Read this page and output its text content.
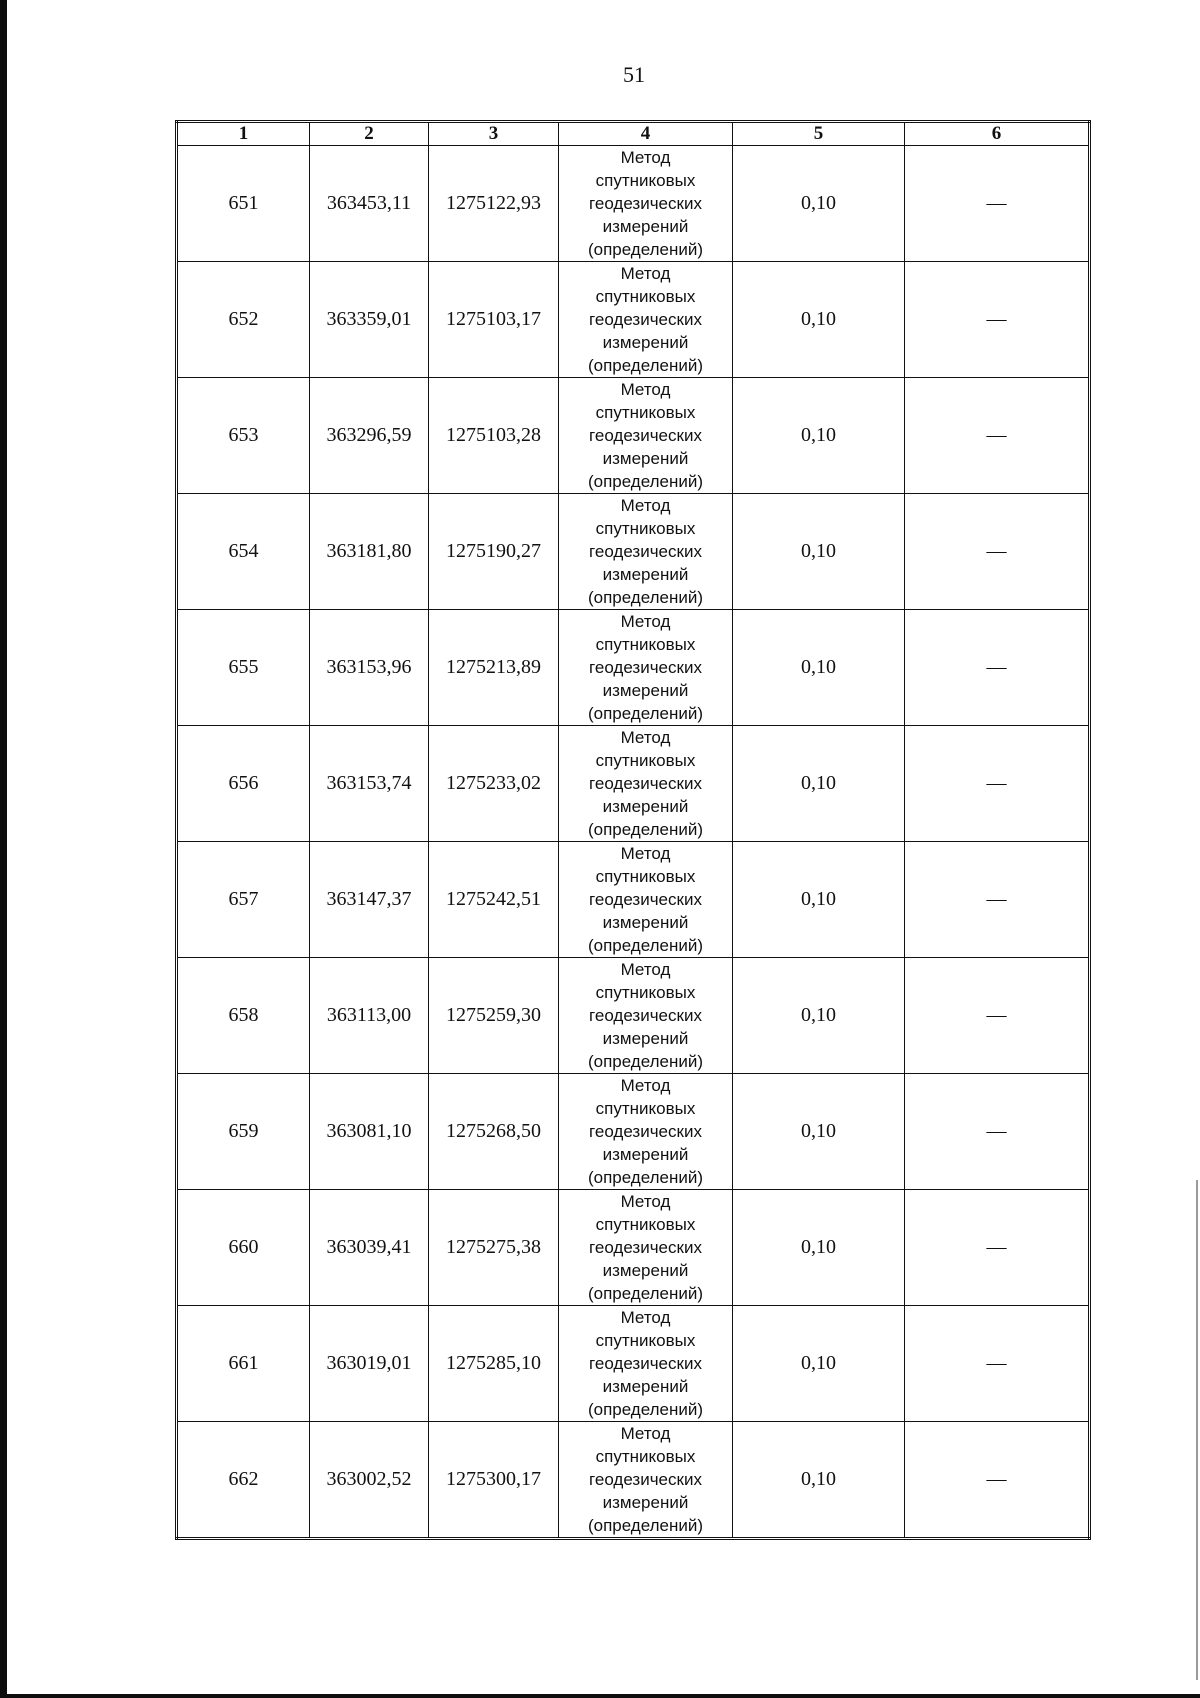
51
1	2	3	4	5	6
651	363453,11	1275122,93	Метод
спутниковых
геодезических
измерений
(определений)	0,10	—
652	363359,01	1275103,17	Метод
спутниковых
геодезических
измерений
(определений)	0,10	—
653	363296,59	1275103,28	Метод
спутниковых
геодезических
измерений
(определений)	0,10	—
654	363181,80	1275190,27	Метод
спутниковых
геодезических
измерений
(определений)	0,10	—
655	363153,96	1275213,89	Метод
спутниковых
геодезических
измерений
(определений)	0,10	—
656	363153,74	1275233,02	Метод
спутниковых
геодезических
измерений
(определений)	0,10	—
657	363147,37	1275242,51	Метод
спутниковых
геодезических
измерений
(определений)	0,10	—
658	363113,00	1275259,30	Метод
спутниковых
геодезических
измерений
(определений)	0,10	—
659	363081,10	1275268,50	Метод
спутниковых
геодезических
измерений
(определений)	0,10	—
660	363039,41	1275275,38	Метод
спутниковых
геодезических
измерений
(определений)	0,10	—
661	363019,01	1275285,10	Метод
спутниковых
геодезических
измерений
(определений)	0,10	—
662	363002,52	1275300,17	Метод
спутниковых
геодезических
измерений
(определений)	0,10	—
